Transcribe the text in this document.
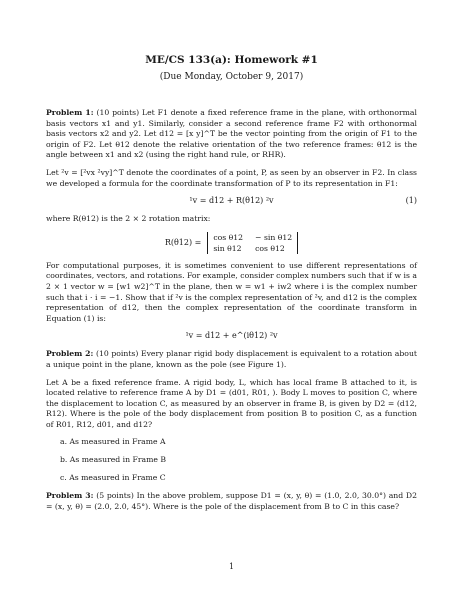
ME/CS 133(a): Homework #1
(Due Monday, October 9, 2017)

Problem 1: (10 points) Let F1 denote a fixed reference frame in the plane, with orthonormal basis vectors x1 and y1. Similarly, consider a second reference frame F2 with orthonormal basis vectors x2 and y2. Let d12 = [x y]^T be the vector pointing from the origin of F1 to the origin of F2. Let θ12 denote the relative orientation of the two reference frames: θ12 is the angle between x1 and x2 (using the right hand rule, or RHR).

Let ²v = [²vx ²vy]^T denote the coordinates of a point, P, as seen by an observer in F2. In class we developed a formula for the coordinate transformation of P to its representation in F1:

¹v = d12 + R(θ12) ²v	(1)

where R(θ12) is the 2 × 2 rotation matrix:

R(θ12) =
cos θ12 − sin θ12
sin θ12 cos θ12

For computational purposes, it is sometimes convenient to use different representations of coordinates, vectors, and rotations. For example, consider complex numbers such that if w is a 2 × 1 vector w = [w1 w2]^T in the plane, then w = w1 + iw2 where i is the complex number such that i · i = −1. Show that if ²v is the complex representation of ²v, and d12 is the complex representation of d12, then the complex representation of the coordinate transform in Equation (1) is:

¹v = d12 + e^(iθ12) ²v

Problem 2: (10 points) Every planar rigid body displacement is equivalent to a rotation about a unique point in the plane, known as the pole (see Figure 1).

Let A be a fixed reference frame. A rigid body, L, which has local frame B attached to it, is located relative to reference frame A by D1 = (d01, R01, ). Body L moves to position C, where the displacement to location C, as measured by an observer in frame B, is given by D2 = (d12, R12). Where is the pole of the body displacement from position B to position C, as a function of R01, R12, d01, and d12?

a. As measured in Frame A
b. As measured in Frame B
c. As measured in Frame C

Problem 3: (5 points) In the above problem, suppose D1 = (x, y, θ) = (1.0, 2.0, 30.0°) and D2 = (x, y, θ) = (2.0, 2.0, 45°). Where is the pole of the displacement from B to C in this case?

1
